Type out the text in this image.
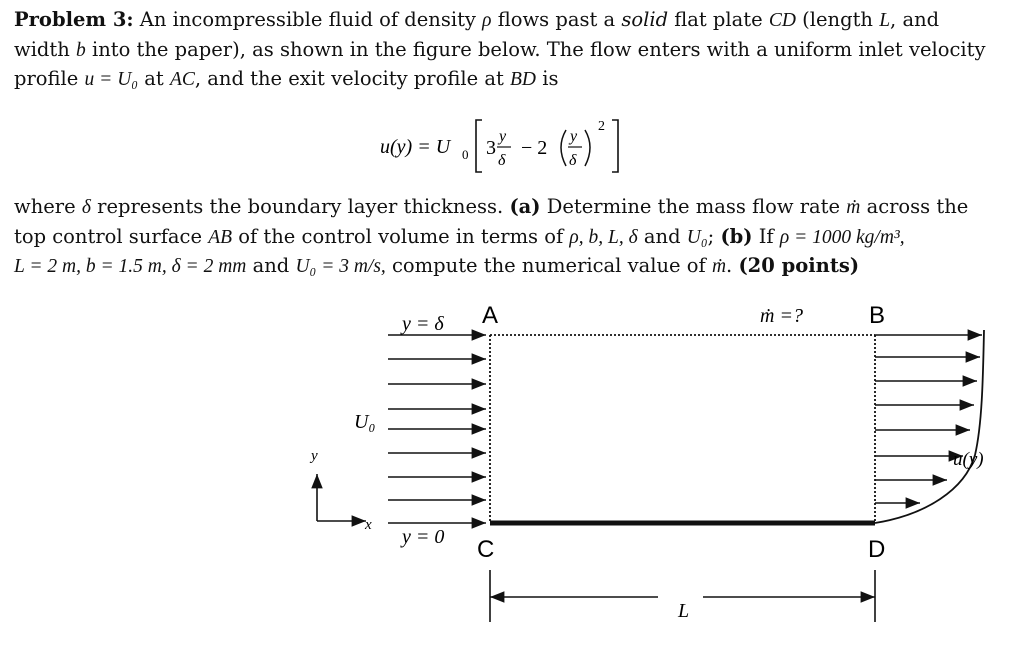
Problem 3: An incompressible fluid of density ρ flows past a solid flat plate CD (length L, and
width b into the paper), as shown in the figure below. The flow enters with a uniform inlet velocity
profile u = U₀ at AC, and the exit velocity profile at BD is
u(y) = U 0 3
y
δ
− 2
y
δ
2
where δ represents the boundary layer thickness. (a) Determine the mass flow rate ṁ across the
top control surface AB of the control volume in terms of ρ, b, L, δ and U₀; (b) If ρ = 1000 kg/m³,
L = 2 m, b = 1.5 m, δ = 2 mm and U₀ = 3 m/s, compute the numerical value of ṁ. (20 points)
y = δ A	ṁ =?	B
U₀
y = 0 C	D
u(y)
y
x
L
